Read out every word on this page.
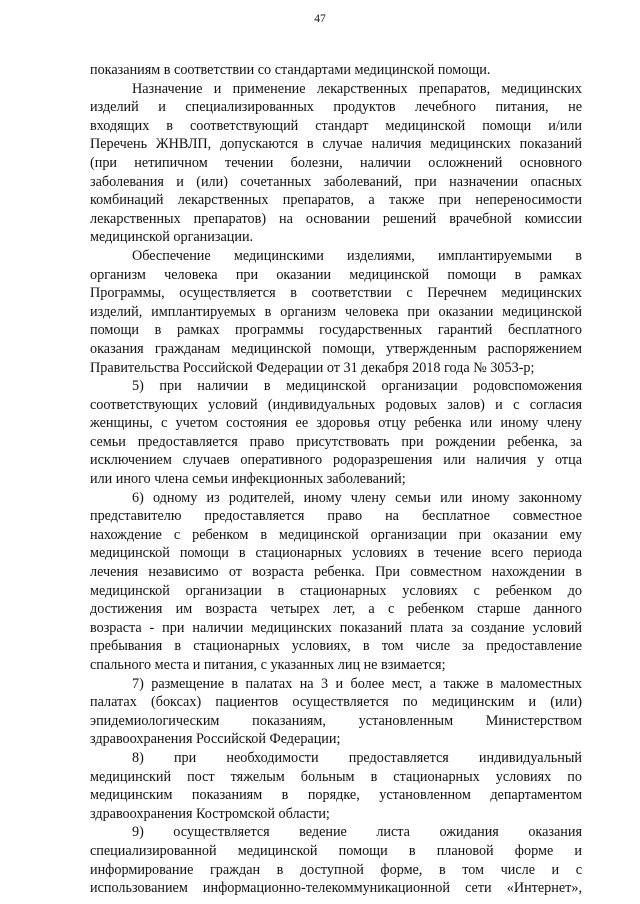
47
показаниям в соответствии со стандартами медицинской помощи.
Назначение и применение лекарственных препаратов, медицинских
изделий и специализированных продуктов лечебного питания, не
входящих в соответствующий стандарт медицинской помощи и/или
Перечень ЖНВЛП, допускаются в случае наличия медицинских показаний
(при нетипичном течении болезни, наличии осложнений основного
заболевания и (или) сочетанных заболеваний, при назначении опасных
комбинаций лекарственных препаратов, а также при непереносимости
лекарственных препаратов) на основании решений врачебной комиссии
медицинской организации.
Обеспечение медицинскими изделиями, имплантируемыми в
организм человека при оказании медицинской помощи в рамках
Программы, осуществляется в соответствии с Перечнем медицинских
изделий, имплантируемых в организм человека при оказании медицинской
помощи в рамках программы государственных гарантий бесплатного
оказания гражданам медицинской помощи, утвержденным распоряжением
Правительства Российской Федерации от 31 декабря 2018 года № 3053-р;
5) при наличии в медицинской организации родовспоможения
соответствующих условий (индивидуальных родовых залов) и с согласия
женщины, с учетом состояния ее здоровья отцу ребенка или иному члену
семьи предоставляется право присутствовать при рождении ребенка, за
исключением случаев оперативного родоразрешения или наличия у отца
или иного члена семьи инфекционных заболеваний;
6) одному из родителей, иному члену семьи или иному законному
представителю предоставляется право на бесплатное совместное
нахождение с ребенком в медицинской организации при оказании ему
медицинской помощи в стационарных условиях в течение всего периода
лечения независимо от возраста ребенка. При совместном нахождении в
медицинской организации в стационарных условиях с ребенком до
достижения им возраста четырех лет, а с ребенком старше данного
возраста - при наличии медицинских показаний плата за создание условий
пребывания в стационарных условиях, в том числе за предоставление
спального места и питания, с указанных лиц не взимается;
7) размещение в палатах на 3 и более мест, а также в маломестных
палатах (боксах) пациентов осуществляется по медицинским и (или)
эпидемиологическим показаниям, установленным Министерством
здравоохранения Российской Федерации;
8) при необходимости предоставляется индивидуальный
медицинский пост тяжелым больным в стационарных условиях по
медицинским показаниям в порядке, установленном департаментом
здравоохранения Костромской области;
9) осуществляется ведение листа ожидания оказания
специализированной медицинской помощи в плановой форме и
информирование граждан в доступной форме, в том числе и с
использованием информационно-телекоммуникационной сети «Интернет»,
